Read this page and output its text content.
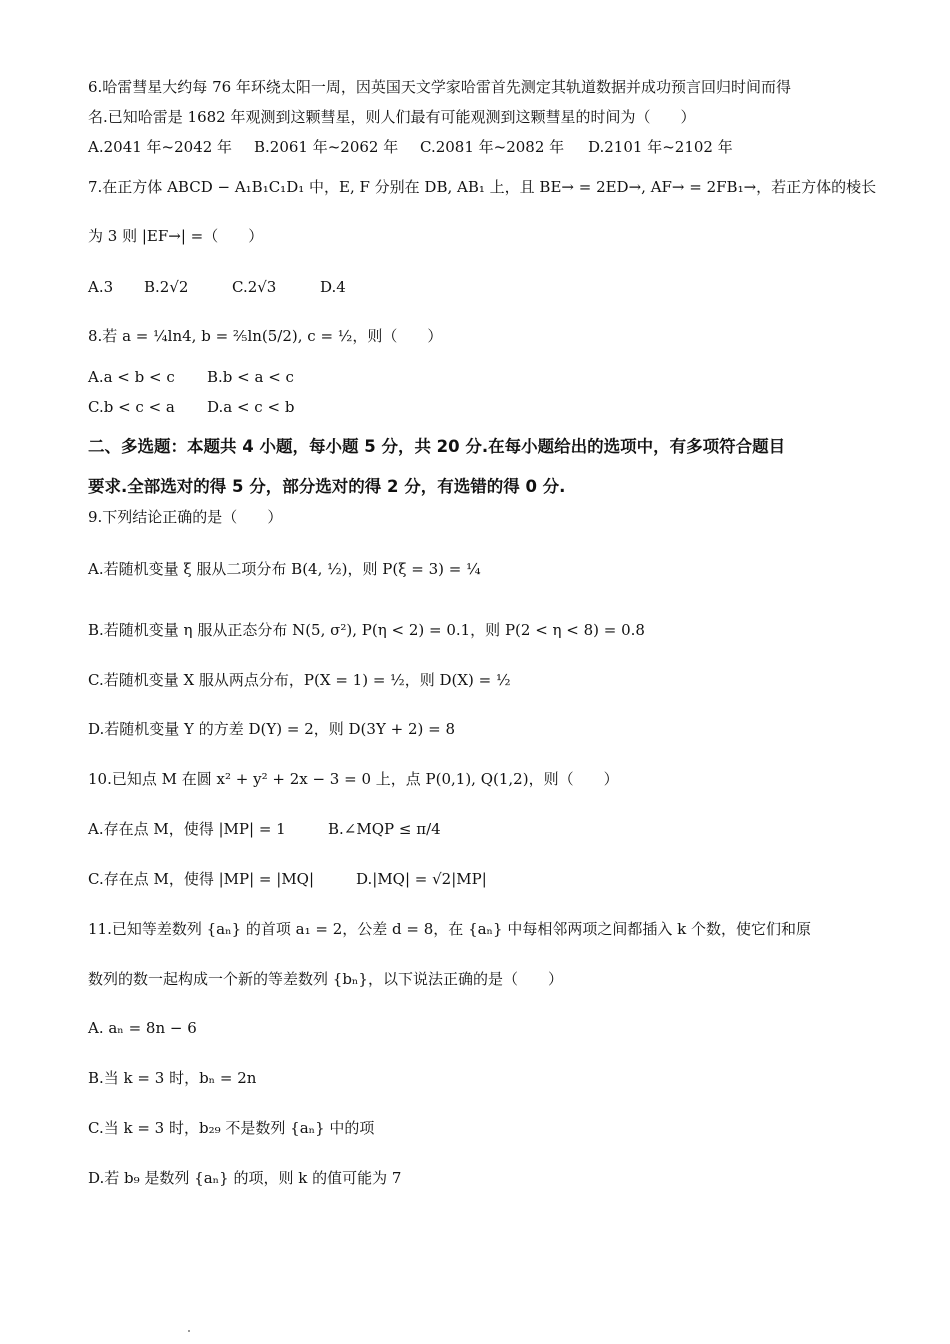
6.哈雷彗星大约每 76 年环绕太阳一周，因英国天文学家哈雷首先测定其轨道数据并成功预言回归时间而得
名.已知哈雷是 1682 年观测到这颗彗星，则人们最有可能观测到这颗彗星的时间为（　　）
A.2041 年~2042 年 B.2061 年~2062 年 C.2081 年~2082 年 D.2101 年~2102 年
7.在正方体 ABCD − A₁B₁C₁D₁ 中，E, F 分别在 DB, AB₁ 上，且 BE→ = 2ED→, AF→ = 2FB₁→，若正方体的棱长
为 3 则 |EF→| =（　　）
A.3 B.2√2	C.2√3	D.4
8.若 a = ¼ln4, b = ⅖ln(5/2), c = ½，则（　　）
A.a < b < c B.b < a < c
C.b < c < a D.a < c < b
二、多选题：本题共 4 小题，每小题 5 分，共 20 分.在每小题给出的选项中，有多项符合题目
要求.全部选对的得 5 分，部分选对的得 2 分，有选错的得 0 分.
9.下列结论正确的是（　　）
A.若随机变量 ξ 服从二项分布 B(4, ½)，则 P(ξ = 3) = ¼
B.若随机变量 η 服从正态分布 N(5, σ²), P(η < 2) = 0.1，则 P(2 < η < 8) = 0.8
C.若随机变量 X 服从两点分布，P(X = 1) = ½，则 D(X) = ½
D.若随机变量 Y 的方差 D(Y) = 2，则 D(3Y + 2) = 8
10.已知点 M 在圆 x² + y² + 2x − 3 = 0 上，点 P(0,1), Q(1,2)，则（　　）
A.存在点 M，使得 |MP| = 1	B.∠MQP ≤ π/4
C.存在点 M，使得 |MP| = |MQ|	D.|MQ| = √2|MP|
11.已知等差数列 {aₙ} 的首项 a₁ = 2，公差 d = 8，在 {aₙ} 中每相邻两项之间都插入 k 个数，使它们和原
数列的数一起构成一个新的等差数列 {bₙ}，以下说法正确的是（　　）
A. aₙ = 8n − 6
B.当 k = 3 时，bₙ = 2n
C.当 k = 3 时，b₂₉ 不是数列 {aₙ} 中的项
D.若 b₉ 是数列 {aₙ} 的项，则 k 的值可能为 7
